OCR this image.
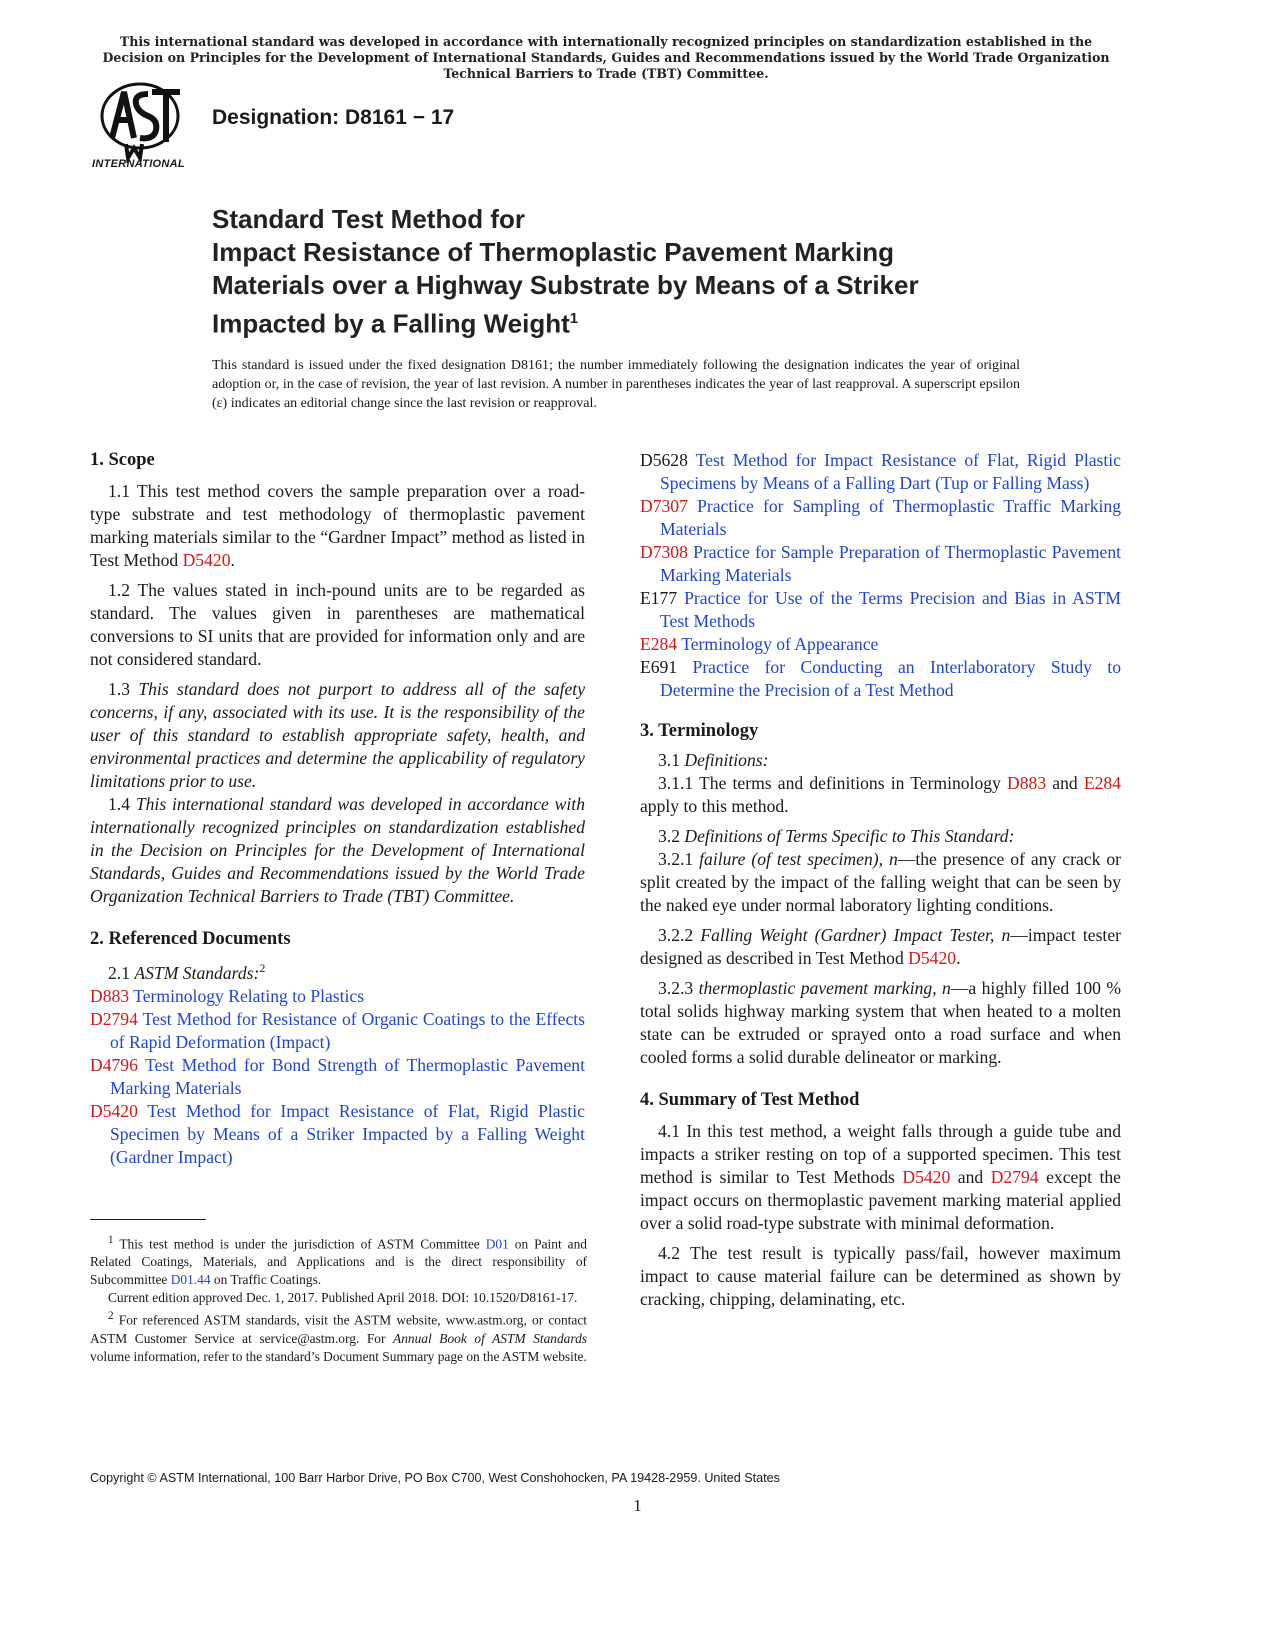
This international standard was developed in accordance with internationally recognized principles on standardization established in the Decision on Principles for the Development of International Standards, Guides and Recommendations issued by the World Trade Organization Technical Barriers to Trade (TBT) Committee.
INTERNATIONAL
Designation: D8161 − 17
Standard Test Method for
Impact Resistance of Thermoplastic Pavement Marking
Materials over a Highway Substrate by Means of a Striker
Impacted by a Falling Weight$^1$
This standard is issued under the fixed designation D8161; the number immediately following the designation indicates the year of original adoption or, in the case of revision, the year of last revision. A number in parentheses indicates the year of last reapproval. A superscript epsilon (ε) indicates an editorial change since the last revision or reapproval.

1. Scope

1.1 This test method covers the sample preparation over a road-type substrate and test methodology of thermoplastic pavement marking materials similar to the “Gardner Impact” method as listed in Test Method D5420.

1.2 The values stated in inch-pound units are to be regarded as standard. The values given in parentheses are mathematical conversions to SI units that are provided for information only and are not considered standard.

1.3 This standard does not purport to address all of the safety concerns, if any, associated with its use. It is the responsibility of the user of this standard to establish appropriate safety, health, and environmental practices and determine the applicability of regulatory limitations prior to use.

1.4 This international standard was developed in accordance with internationally recognized principles on standardization established in the Decision on Principles for the Development of International Standards, Guides and Recommendations issued by the World Trade Organization Technical Barriers to Trade (TBT) Committee.

2. Referenced Documents

2.1 ASTM Standards:$^2$

D883 Terminology Relating to Plastics

D2794 Test Method for Resistance of Organic Coatings to the Effects of Rapid Deformation (Impact)

D4796 Test Method for Bond Strength of Thermoplastic Pavement Marking Materials

D5420 Test Method for Impact Resistance of Flat, Rigid Plastic Specimen by Means of a Striker Impacted by a Falling Weight (Gardner Impact)

$^1$ This test method is under the jurisdiction of ASTM Committee D01 on Paint and Related Coatings, Materials, and Applications and is the direct responsibility of Subcommittee D01.44 on Traffic Coatings.

Current edition approved Dec. 1, 2017. Published April 2018. DOI: 10.1520/D8161-17.

$^2$ For referenced ASTM standards, visit the ASTM website, www.astm.org, or contact ASTM Customer Service at service@astm.org. For Annual Book of ASTM Standards volume information, refer to the standard’s Document Summary page on the ASTM website.

D5628 Test Method for Impact Resistance of Flat, Rigid Plastic Specimens by Means of a Falling Dart (Tup or Falling Mass)

D7307 Practice for Sampling of Thermoplastic Traffic Marking Materials

D7308 Practice for Sample Preparation of Thermoplastic Pavement Marking Materials

E177 Practice for Use of the Terms Precision and Bias in ASTM Test Methods

E284 Terminology of Appearance

E691 Practice for Conducting an Interlaboratory Study to Determine the Precision of a Test Method

3. Terminology

3.1 Definitions:

3.1.1 The terms and definitions in Terminology D883 and E284 apply to this method.

3.2 Definitions of Terms Specific to This Standard:

3.2.1 failure (of test specimen), n—the presence of any crack or split created by the impact of the falling weight that can be seen by the naked eye under normal laboratory lighting conditions.

3.2.2 Falling Weight (Gardner) Impact Tester, n—impact tester designed as described in Test Method D5420.

3.2.3 thermoplastic pavement marking, n—a highly filled 100 % total solids highway marking system that when heated to a molten state can be extruded or sprayed onto a road surface and when cooled forms a solid durable delineator or marking.

4. Summary of Test Method

4.1 In this test method, a weight falls through a guide tube and impacts a striker resting on top of a supported specimen. This test method is similar to Test Methods D5420 and D2794 except the impact occurs on thermoplastic pavement marking material applied over a solid road-type substrate with minimal deformation.

4.2 The test result is typically pass/fail, however maximum impact to cause material failure can be determined as shown by cracking, chipping, delaminating, etc.

Copyright © ASTM International, 100 Barr Harbor Drive, PO Box C700, West Conshohocken, PA 19428-2959. United States
1
